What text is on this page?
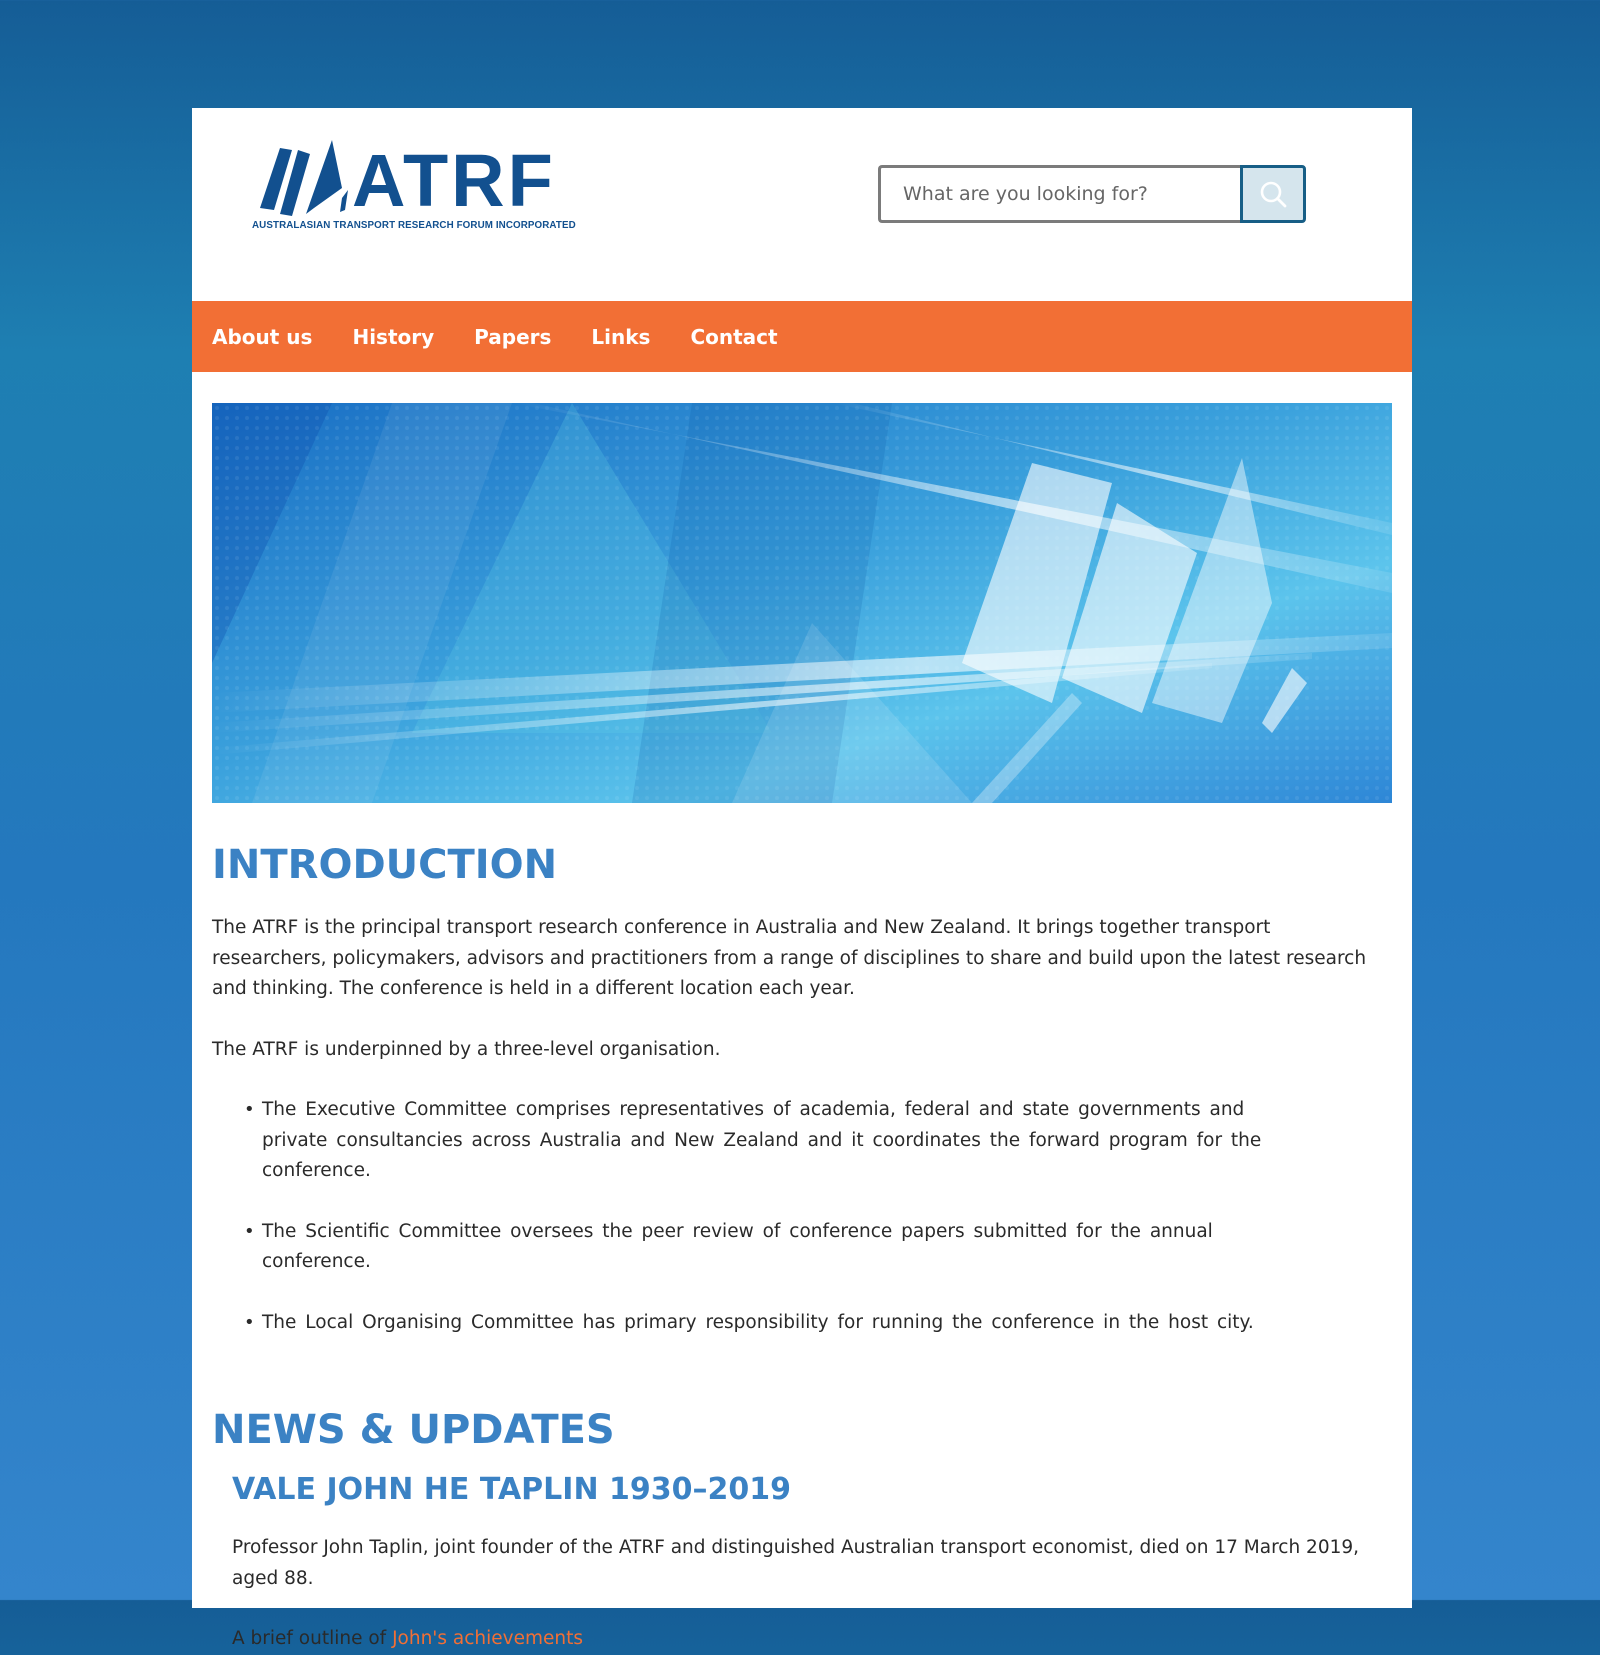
ATRF
AUSTRALASIAN TRANSPORT RESEARCH FORUM INCORPORATED
What are you looking for?
About us History Papers Links Contact
INTRODUCTION

The ATRF is the principal transport research conference in Australia and New Zealand. It brings together transport researchers, policymakers, advisors and practitioners from a range of disciplines to share and build upon the latest research and thinking. The conference is held in a different location each year.

The ATRF is underpinned by a three-level organisation.

• The Executive Committee comprises representatives of academia, federal and state governments and private consultancies across Australia and New Zealand and it coordinates the forward program for the conference.
• The Scientific Committee oversees the peer review of conference papers submitted for the annual conference.
• The Local Organising Committee has primary responsibility for running the conference in the host city.
NEWS & UPDATES
VALE JOHN HE TAPLIN 1930–2019

Professor John Taplin, joint founder of the ATRF and distinguished Australian transport economist, died on 17 March 2019, aged 88.

A brief outline of John's achievements
